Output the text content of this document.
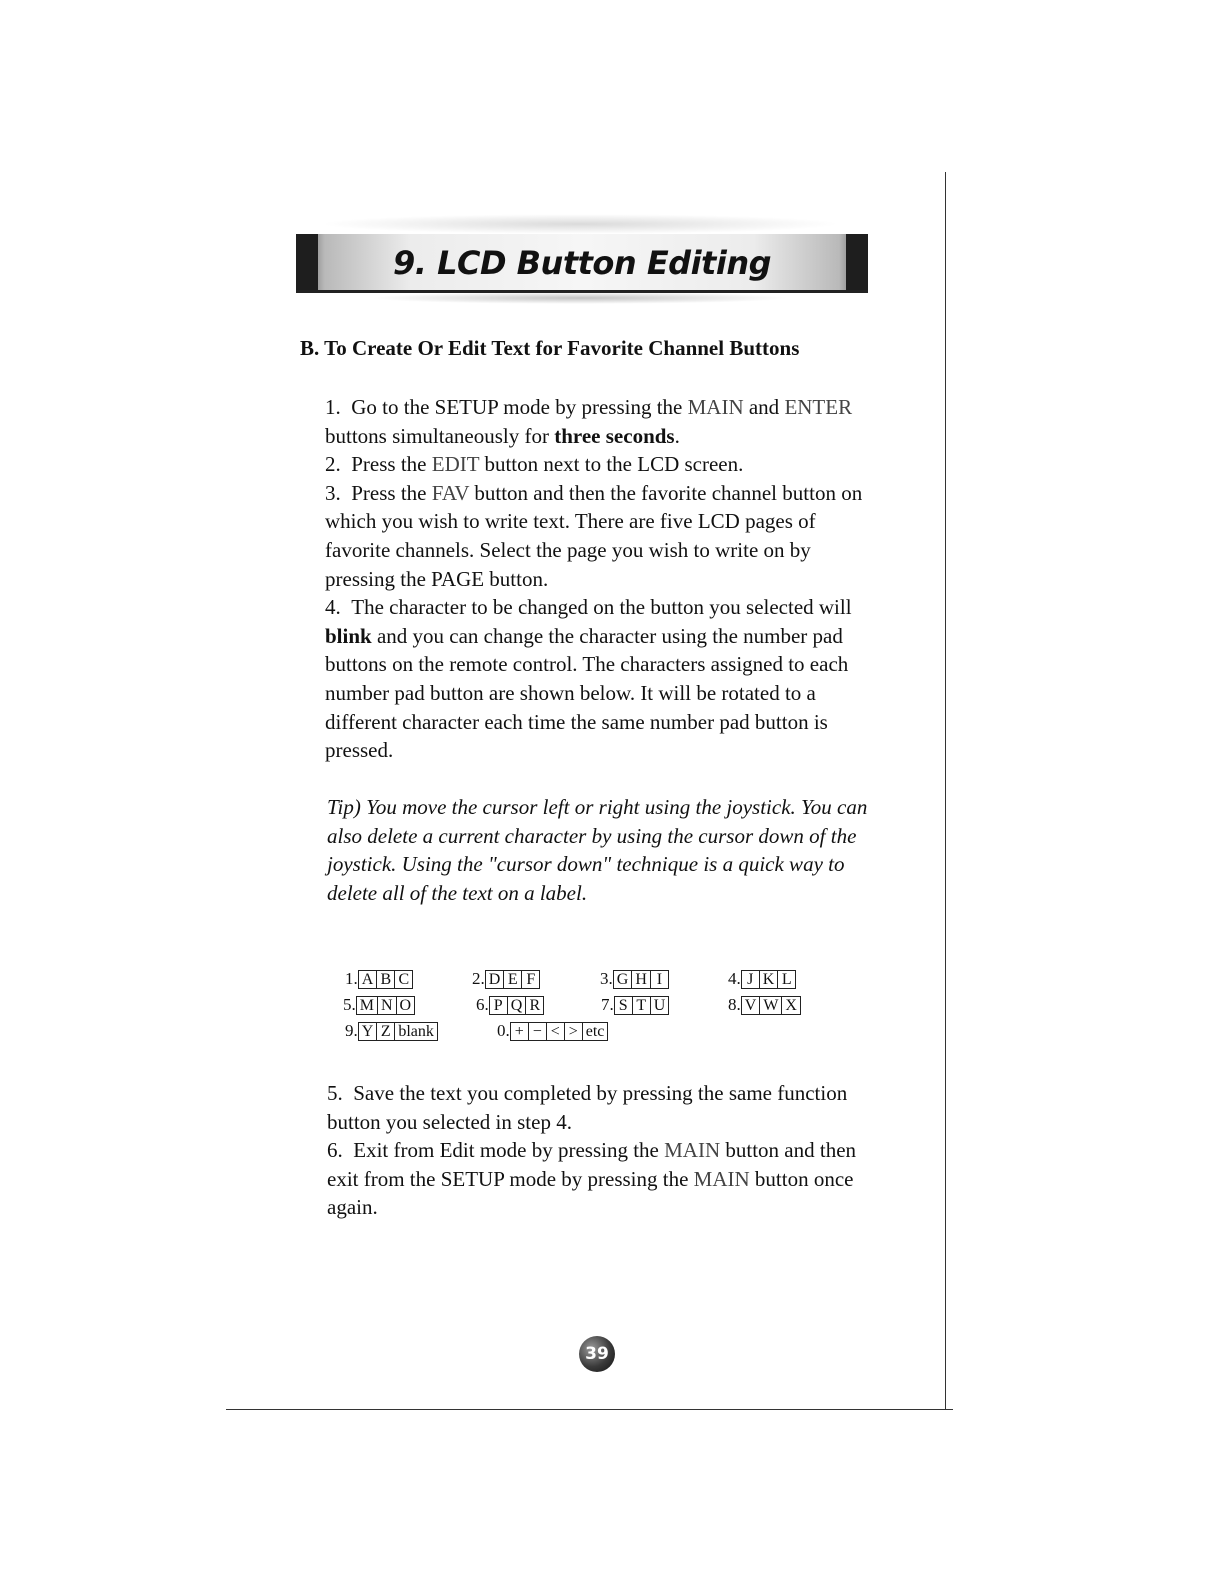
9. LCD Button Editing
B. To Create Or Edit Text for Favorite Channel Buttons

1. Go to the SETUP mode by pressing the MAIN and ENTER buttons simultaneously for three seconds.

2. Press the EDIT button next to the LCD screen.

3. Press the FAV button and then the favorite channel button on which you wish to write text. There are five LCD pages of favorite channels. Select the page you wish to write on by pressing the PAGE button.

4. The character to be changed on the button you selected will blink and you can change the character using the number pad buttons on the remote control. The characters assigned to each number pad button are shown below. It will be rotated to a different character each time the same number pad button is pressed.

Tip) You move the cursor left or right using the joystick. You can also delete a current character by using the cursor down of the joystick. Using the "cursor down" technique is a quick way to delete all of the text on a label.
1. A B C	2. D E F	3. G H I	4. J K L
5. M N O	6. P Q R	7. S T U	8. V W X
9. Y Z blank	0. + − < > etc

5. Save the text you completed by pressing the same function button you selected in step 4.

6. Exit from Edit mode by pressing the MAIN button and then exit from the SETUP mode by pressing the MAIN button once again.

39
